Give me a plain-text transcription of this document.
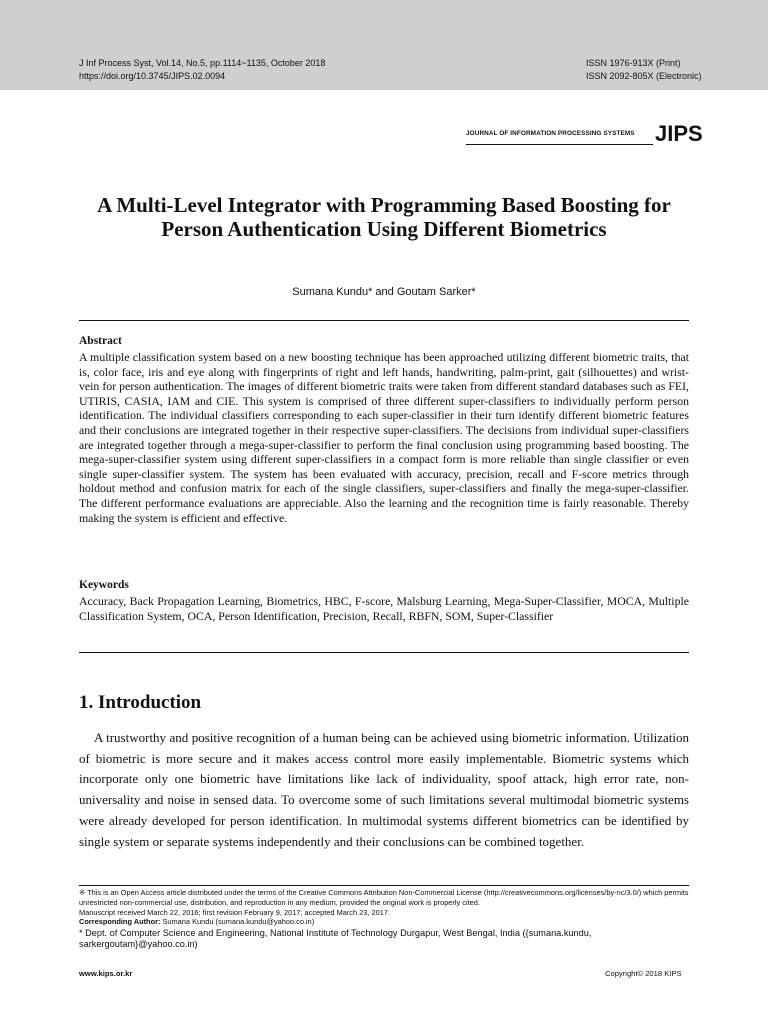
J Inf Process Syst, Vol.14, No.5, pp.1114~1135, October 2018
https://doi.org/10.3745/JIPS.02.0094
ISSN 1976-913X (Print)
ISSN 2092-805X (Electronic)
JOURNAL OF INFORMATION PROCESSING SYSTEMS JIPS
A Multi-Level Integrator with Programming Based Boosting for Person Authentication Using Different Biometrics
Sumana Kundu* and Goutam Sarker*
Abstract
A multiple classification system based on a new boosting technique has been approached utilizing different biometric traits, that is, color face, iris and eye along with fingerprints of right and left hands, handwriting, palm-print, gait (silhouettes) and wrist-vein for person authentication. The images of different biometric traits were taken from different standard databases such as FEI, UTIRIS, CASIA, IAM and CIE. This system is comprised of three different super-classifiers to individually perform person identification. The individual classifiers corresponding to each super-classifier in their turn identify different biometric features and their conclusions are integrated together in their respective super-classifiers. The decisions from individual super-classifiers are integrated together through a mega-super-classifier to perform the final conclusion using programming based boosting. The mega-super-classifier system using different super-classifiers in a compact form is more reliable than single classifier or even single super-classifier system. The system has been evaluated with accuracy, precision, recall and F-score metrics through holdout method and confusion matrix for each of the single classifiers, super-classifiers and finally the mega-super-classifier. The different performance evaluations are appreciable. Also the learning and the recognition time is fairly reasonable. Thereby making the system is efficient and effective.
Keywords
Accuracy, Back Propagation Learning, Biometrics, HBC, F-score, Malsburg Learning, Mega-Super-Classifier, MOCA, Multiple Classification System, OCA, Person Identification, Precision, Recall, RBFN, SOM, Super-Classifier
1. Introduction
A trustworthy and positive recognition of a human being can be achieved using biometric information. Utilization of biometric is more secure and it makes access control more easily implementable. Biometric systems which incorporate only one biometric have limitations like lack of individuality, spoof attack, high error rate, non-universality and noise in sensed data. To overcome some of such limitations several multimodal biometric systems were already developed for person identification. In multimodal systems different biometrics can be identified by single system or separate systems independently and their conclusions can be combined together.
※ This is an Open Access article distributed under the terms of the Creative Commons Attribution Non-Commercial License (http://creativecommons.org/licenses/by-nc/3.0/) which permits unrestricted non-commercial use, distribution, and reproduction in any medium, provided the original work is properly cited.
Manuscript received March 22, 2016; first revision February 9, 2017; accepted March 23, 2017.
Corresponding Author: Sumana Kundu (sumana.kundu@yahoo.co.in)
* Dept. of Computer Science and Engineering, National Institute of Technology Durgapur, West Bengal, India ({sumana.kundu, sarkergoutam}@yahoo.co.in)
www.kips.or.kr	Copyright© 2018 KIPS
